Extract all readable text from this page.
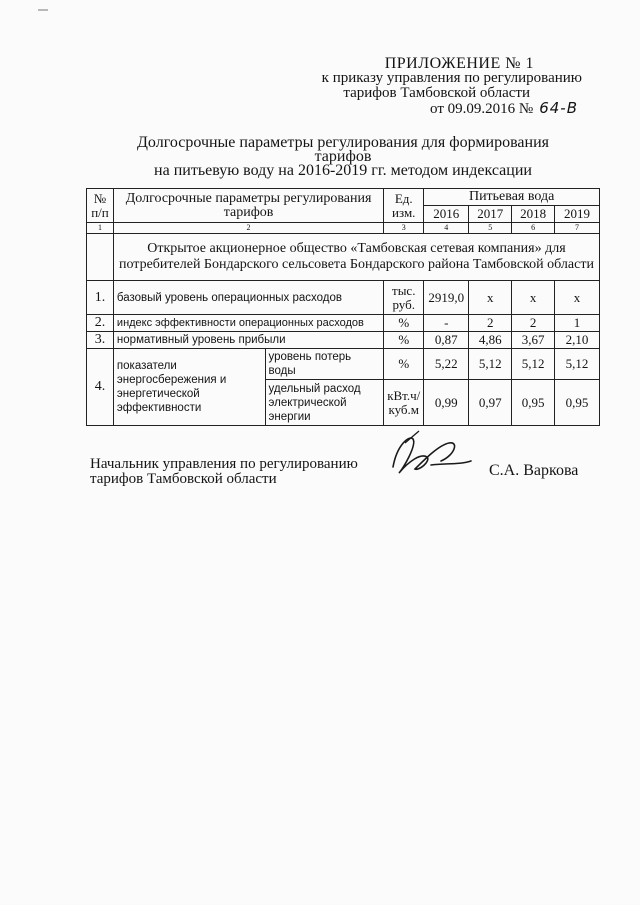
ПРИЛОЖЕНИЕ № 1
к приказу управления по регулированию
тарифов Тамбовской области
от 09.09.2016 № 64-В
Долгосрочные параметры регулирования для формирования тарифов
на питьевую воду на 2016-2019 гг. методом индексации
№ п/п	Долгосрочные параметры регулирования тарифов		Ед. изм.	Питьевая вода			
				2016	2017	2018	2019
1	2		3	4	5	6	7
	Открытое акционерное общество «Тамбовская сетевая компания» для потребителей Бондарского сельсовета Бондарского района Тамбовской области						
1.	базовый уровень операционных расходов		тыс. руб.	2919,0	х	х	х
2.	индекс эффективности операционных расходов		%	-	2	2	1
3.	нормативный уровень прибыли		%	0,87	4,86	3,67	2,10
4.	показатели энергосбережения и энергетической эффективности	уровень потерь воды	%	5,22	5,12	5,12	5,12
		удельный расход электрической энергии	кВт.ч/куб.м	0,99	0,97	0,95	0,95
Начальник управления по регулированию
тарифов Тамбовской области	С.А. Варкова
